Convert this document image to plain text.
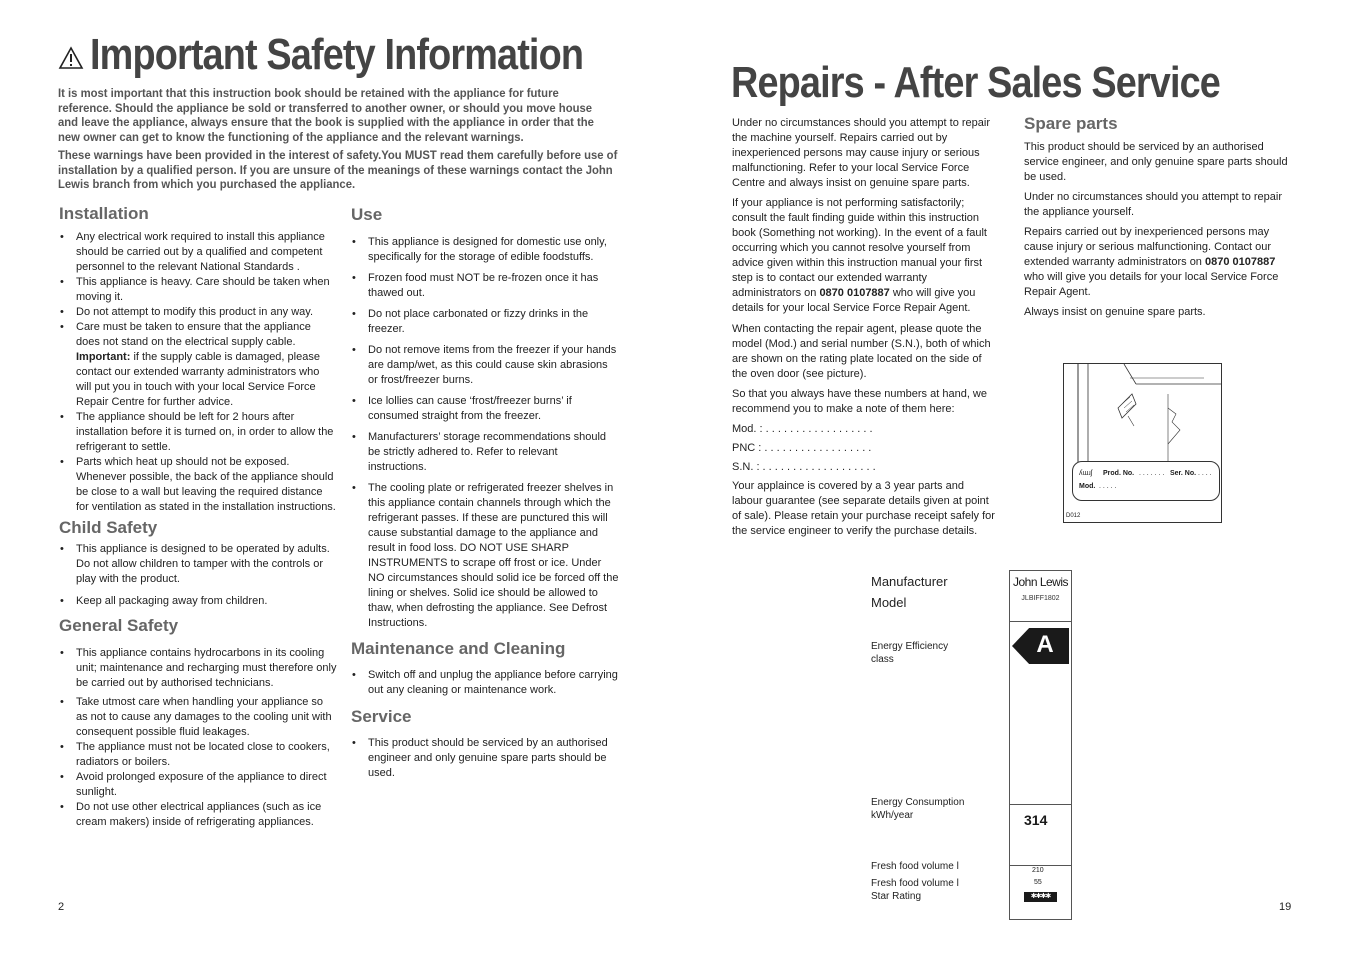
Important Safety Information
It is most important that this instruction book should be retained with the appliance for future reference. Should the appliance be sold or transferred to another owner, or should you move house and leave the appliance, always ensure that the book is supplied with the appliance in order that the new owner can get to know the functioning of the appliance and the relevant warnings.
These warnings have been provided in the interest of safety.You MUST read them carefully before use of installation by a qualified person. If you are unsure of the meanings of these warnings contact the John Lewis branch from which you purchased the appliance.
Installation
• Any electrical work required to install this appliance should be carried out by a qualified and competent personnel to the relevant National Standards .
• This appliance is heavy. Care should be taken when moving it.
• Do not attempt to modify this product in any way.
• Care must be taken to ensure that the appliance does not stand on the electrical supply cable. Important: if the supply cable is damaged, please contact our extended warranty administrators who will put you in touch with your local Service Force Repair Centre for further advice.
• The appliance should be left for 2 hours after installation before it is turned on, in order to allow the refrigerant to settle.
• Parts which heat up should not be exposed. Whenever possible, the back of the appliance should be close to a wall but leaving the required distance for ventilation as stated in the installation instructions.
Child Safety
• This appliance is designed to be operated by adults. Do not allow children to tamper with the controls or play with the product.
• Keep all packaging away from children.
General Safety
• This appliance contains hydrocarbons in its cooling unit; maintenance and recharging must therefore only be carried out by authorised technicians.
• Take utmost care when handling your appliance so as not to cause any damages to the cooling unit with consequent possible fluid leakages.
• The appliance must not be located close to cookers, radiators or boilers.
• Avoid prolonged exposure of the appliance to direct sunlight.
• Do not use other electrical appliances (such as ice cream makers) inside of refrigerating appliances.
Use
• This appliance is designed for domestic use only, specifically for the storage of edible foodstuffs.
• Frozen food must NOT be re-frozen once it has thawed out.
• Do not place carbonated or fizzy drinks in the freezer.
• Do not remove items from the freezer if your hands are damp/wet, as this could cause skin abrasions or frost/freezer burns.
• Ice lollies can cause ‘frost/freezer burns’ if consumed straight from the freezer.
• Manufacturers’ storage recommendations should be strictly adhered to. Refer to relevant instructions.
• The cooling plate or refrigerated freezer shelves in this appliance contain channels through which the refrigerant passes. If these are punctured this will cause substantial damage to the appliance and result in food loss. DO NOT USE SHARP INSTRUMENTS to scrape off frost or ice. Under NO circumstances should solid ice be forced off the lining or shelves. Solid ice should be allowed to thaw, when defrosting the appliance. See Defrost Instructions.
Maintenance and Cleaning
• Switch off and unplug the appliance before carrying out any cleaning or maintenance work.
Service
• This product should be serviced by an authorised engineer and only genuine spare parts should be used.
2
Repairs - After Sales Service

Under no circumstances should you attempt to repair the machine yourself. Repairs carried out by inexperienced persons may cause injury or serious malfunctioning. Refer to your local Service Force Centre and always insist on genuine spare parts.

If your appliance is not performing satisfactorily; consult the fault finding guide within this instruction book (Something not working). In the event of a fault occurring which you cannot resolve yourself from advice given within this instruction manual your first step is to contact our extended warranty administrators on 0870 0107887 who will give you details for your local Service Force Repair Agent.

When contacting the repair agent, please quote the model (Mod.) and serial number (S.N.), both of which are shown on the rating plate located on the side of the oven door (see picture).

So that you always have these numbers at hand, we recommend you to make a note of them here:

Mod. : . . . . . . . . . . . . . . . . . .

PNC : . . . . . . . . . . . . . . . . . .

S.N. : . . . . . . . . . . . . . . . . . . .

Your applaince is covered by a 3 year parts and labour guarantee (see separate details given at point of sale). Please retain your purchase receipt safely for the service engineer to verify the purchase details.

Spare parts

This product should be serviced by an authorised service engineer, and only genuine spare parts should be used.

Under no circumstances should you attempt to repair the appliance yourself.

Repairs carried out by inexperienced persons may cause injury or serious malfunctioning. Contact our extended warranty administrators on 0870 0107887 who will give you details for your local Service Force Repair Agent.

Always insist on genuine spare parts.

ʎɯɹʃ Prod. No. . . . . . . . Ser. No. . . . .
Mod. . . . . .
D012
Manufacturer
Model
Energy Efficiency class
Energy Consumption kWh/year
Fresh food volume l
Fresh food volume l
Star Rating
John Lewis
JLBIFF1802
A
314
210
55
✱✱✱✱
19
